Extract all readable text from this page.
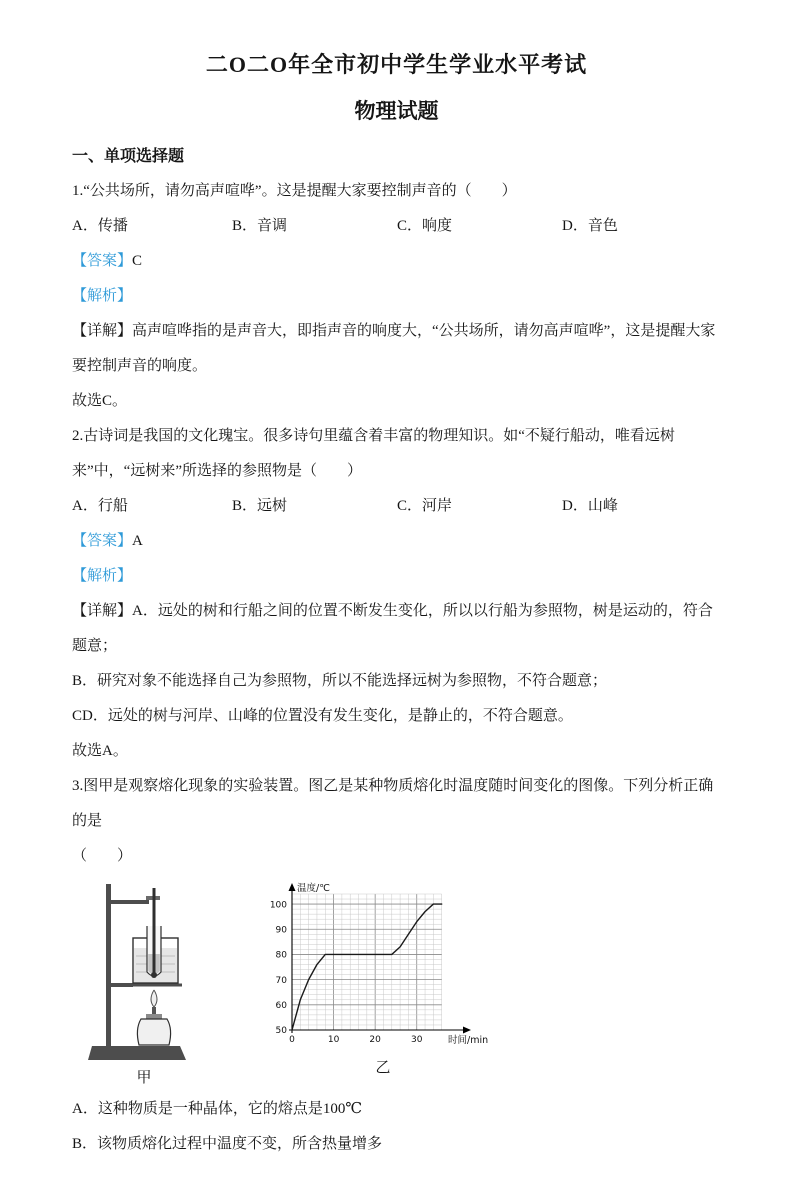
二O二O年全市初中学生学业水平考试
物理试题
一、单项选择题

1.“公共场所，请勿高声喧哗”。这是提醒大家要控制声音的（　　）

A．传播	B．音调	C．响度	D．音色

【答案】C

【解析】

【详解】高声喧哗指的是声音大，即指声音的响度大，“公共场所，请勿高声喧哗”，这是提醒大家要控制声音的响度。

故选C。

2.古诗词是我国的文化瑰宝。很多诗句里蕴含着丰富的物理知识。如“不疑行船动，唯看远树来”中，“远树来”所选择的参照物是（　　）

A．行船	B．远树	C．河岸	D．山峰

【答案】A

【解析】

【详解】A．远处的树和行船之间的位置不断发生变化，所以以行船为参照物，树是运动的，符合题意；

B．研究对象不能选择自己为参照物，所以不能选择远树为参照物，不符合题意；

CD．远处的树与河岸、山峰的位置没有发生变化，是静止的，不符合题意。

故选A。

3.图甲是观察熔化现象的实验装置。图乙是某种物质熔化时温度随时间变化的图像。下列分析正确的是

（　　）

甲
50
60
70
80
90
100
0	10	20	30
温度/℃
时间/min
乙

A．这种物质是一种晶体，它的熔点是100℃

B．该物质熔化过程中温度不变，所含热量增多
